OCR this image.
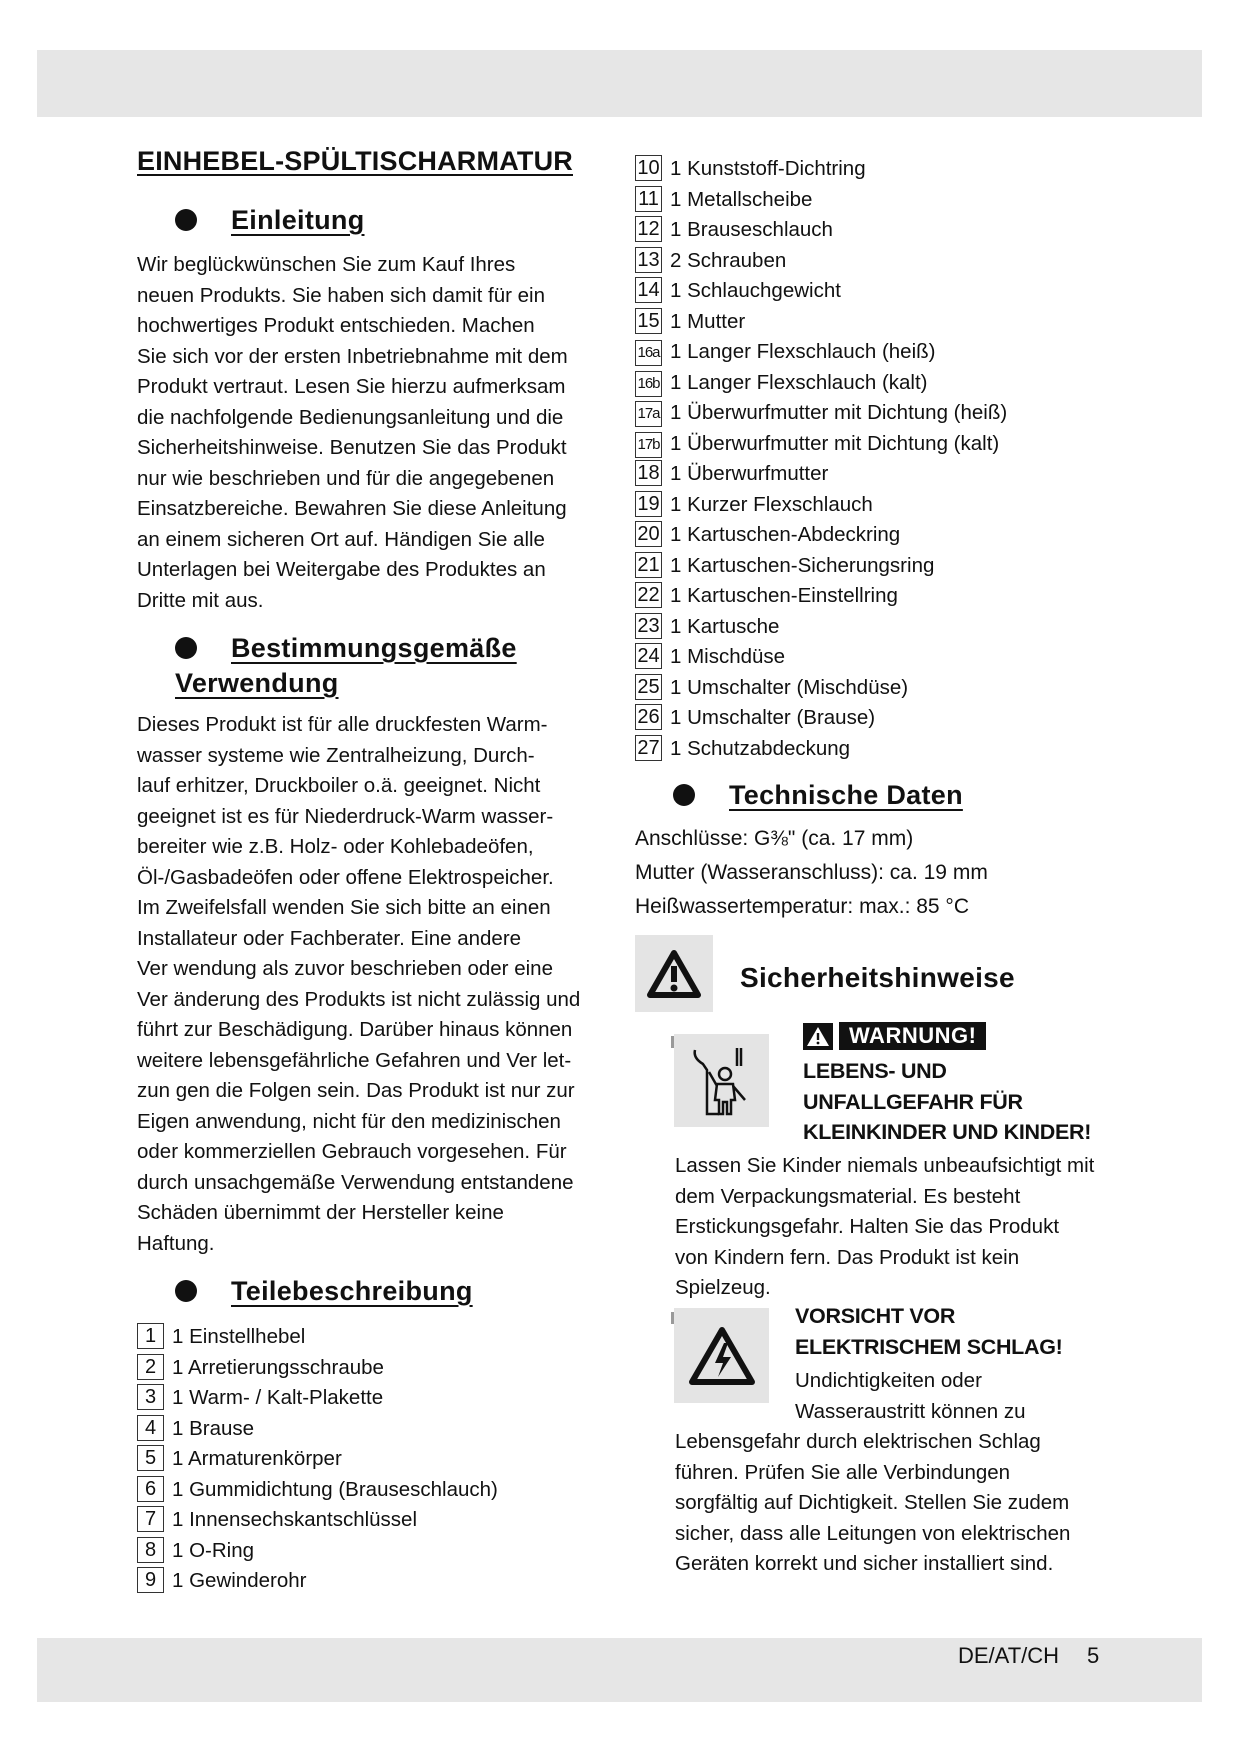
EINHEBEL-SPÜLTISCHARMATUR
Einleitung
Wir beglückwünschen Sie zum Kauf Ihres
neuen Produkts. Sie haben sich damit für ein
hochwertiges Produkt entschieden. Machen
Sie sich vor der ersten Inbetriebnahme mit dem
Produkt vertraut. Lesen Sie hierzu aufmerksam
die nachfolgende Bedienungsanleitung und die
Sicherheitshinweise. Benutzen Sie das Produkt
nur wie beschrieben und für die angegebenen
Einsatzbereiche. Bewahren Sie diese Anleitung
an einem sicheren Ort auf. Händigen Sie alle
Unterlagen bei Weitergabe des Produktes an
Dritte mit aus.
Bestimmungsgemäße
Verwendung
Dieses Produkt ist für alle druckfesten Warm-
wasser systeme wie Zentralheizung, Durch-
lauf erhitzer, Druckboiler o.ä. geeignet. Nicht
geeignet ist es für Niederdruck-Warm wasser-
bereiter wie z.B. Holz- oder Kohlebadeöfen,
Öl-/Gasbadeöfen oder offene Elektrospeicher.
Im Zweifelsfall wenden Sie sich bitte an einen
Installateur oder Fachberater. Eine andere
Ver wendung als zuvor beschrieben oder eine
Ver änderung des Produkts ist nicht zulässig und
führt zur Beschädigung. Darüber hinaus können
weitere lebensgefährliche Gefahren und Ver let-
zun gen die Folgen sein. Das Produkt ist nur zur
Eigen anwendung, nicht für den medizinischen
oder kommerziellen Gebrauch vorgesehen. Für
durch unsachgemäße Verwendung entstandene
Schäden übernimmt der Hersteller keine
Haftung.
Teilebeschreibung
1 1 Einstellhebel
2 1 Arretierungsschraube
3 1 Warm- / Kalt-Plakette
4 1 Brause
5 1 Armaturenkörper
6 1 Gummidichtung (Brauseschlauch)
7 1 Innensechskantschlüssel
8 1 O-Ring
9 1 Gewinderohr
10 1 Kunststoff-Dichtring
11 1 Metallscheibe
12 1 Brauseschlauch
13 2 Schrauben
14 1 Schlauchgewicht
15 1 Mutter
16a 1 Langer Flexschlauch (heiß)
16b 1 Langer Flexschlauch (kalt)
17a 1 Überwurfmutter mit Dichtung (heiß)
17b 1 Überwurfmutter mit Dichtung (kalt)
18 1 Überwurfmutter
19 1 Kurzer Flexschlauch
20 1 Kartuschen-Abdeckring
21 1 Kartuschen-Sicherungsring
22 1 Kartuschen-Einstellring
23 1 Kartusche
24 1 Mischdüse
25 1 Umschalter (Mischdüse)
26 1 Umschalter (Brause)
27 1 Schutzabdeckung
Technische Daten
Anschlüsse: G⅜" (ca. 17 mm)
Mutter (Wasseranschluss): ca. 19 mm
Heißwassertemperatur: max.: 85 °C
Sicherheitshinweise
WARNUNG!
LEBENS- UND
UNFALLGEFAHR FÜR
KLEINKINDER UND KINDER!
Lassen Sie Kinder niemals unbeaufsichtigt mit
dem Verpackungsmaterial. Es besteht
Erstickungsgefahr. Halten Sie das Produkt
von Kindern fern. Das Produkt ist kein
Spielzeug.
VORSICHT VOR
ELEKTRISCHEM SCHLAG!
Undichtigkeiten oder
Wasseraustritt können zu
Lebensgefahr durch elektrischen Schlag
führen. Prüfen Sie alle Verbindungen
sorgfältig auf Dichtigkeit. Stellen Sie zudem
sicher, dass alle Leitungen von elektrischen
Geräten korrekt und sicher installiert sind.
DE/AT/CH 5
